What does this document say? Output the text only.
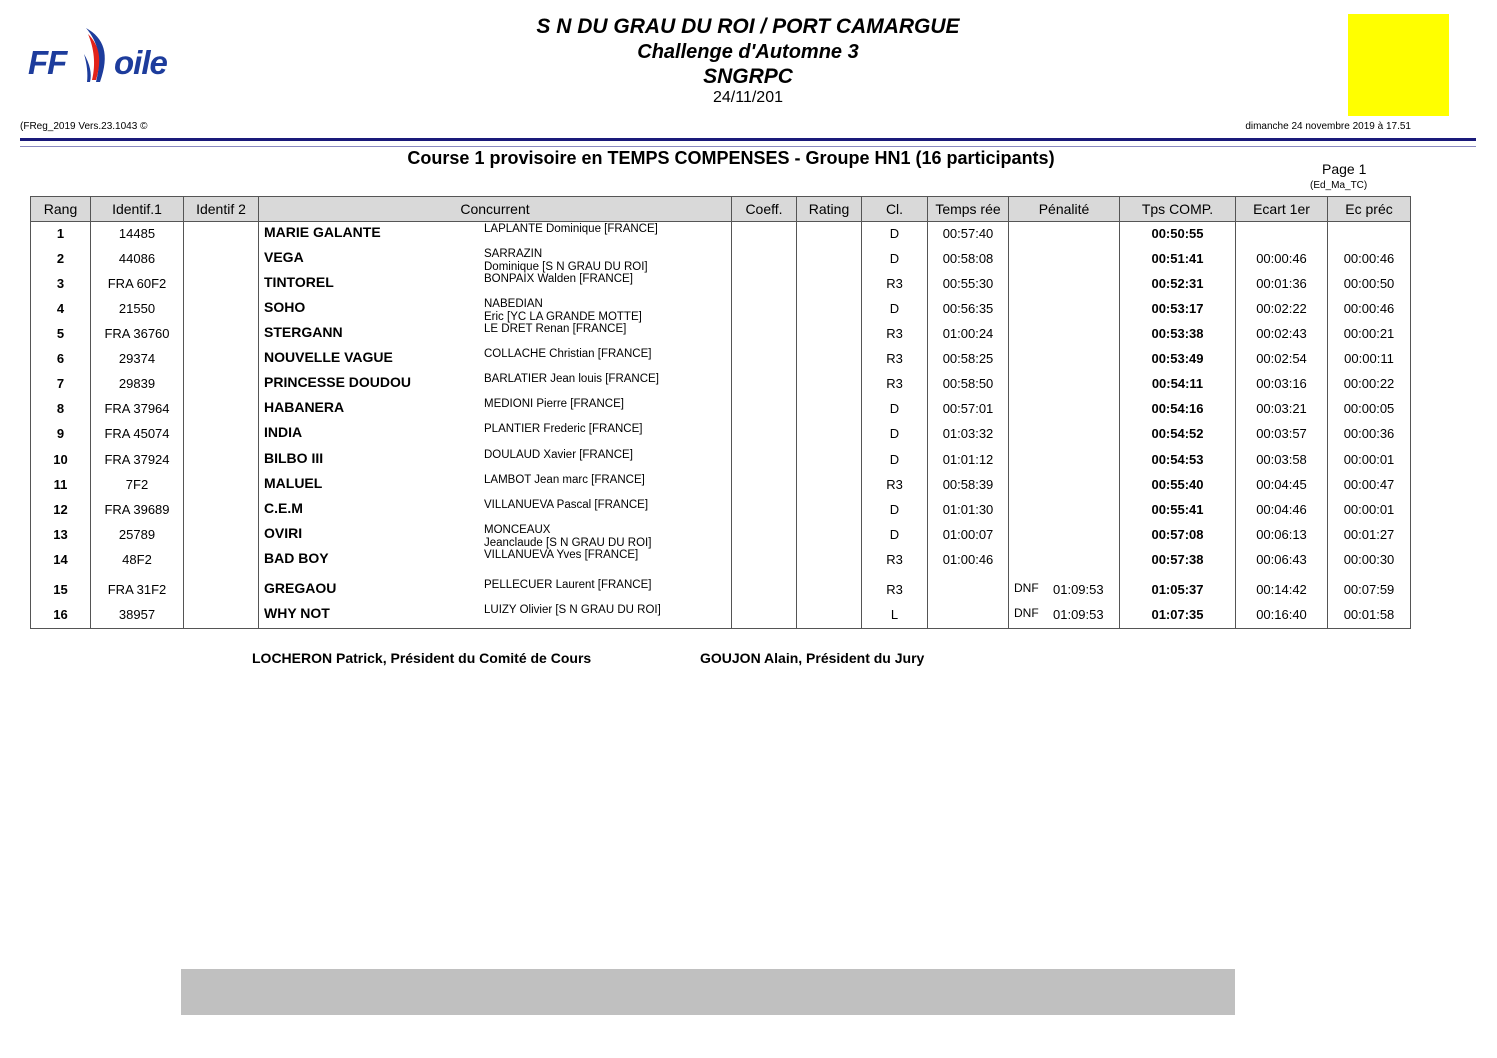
FF oile
S N DU GRAU DU ROI / PORT CAMARGUE
Challenge d'Automne 3
SNGRPC
24/11/201
(FReg_2019 Vers.23.1043 ©	dimanche 24 novembre 2019 à 17.51
Course 1 provisoire en TEMPS COMPENSES - Groupe HN1 (16 participants)
Page 1
(Ed_Ma_TC)
Rang	Identif.1	Identif 2	Concurrent	Coeff.	Rating	Cl.	Temps rée	Pénalité	Tps COMP.	Ecart 1er	Ec préc

1	14485		MARIE GALANTE LAPLANTE Dominique [FRANCE]			D	00:57:40		00:50:55		

2	44086		VEGA SARRAZIN
Dominique [S N GRAU DU ROI]			D	00:58:08		00:51:41	00:00:46	00:00:46

3	FRA 60F2		TINTOREL BONPAIX Walden [FRANCE]			R3	00:55:30		00:52:31	00:01:36	00:00:50

4	21550		SOHO NABEDIAN
Eric [YC LA GRANDE MOTTE]			D	00:56:35		00:53:17	00:02:22	00:00:46

5	FRA 36760		STERGANN LE DRET Renan [FRANCE]			R3	01:00:24		00:53:38	00:02:43	00:00:21

6	29374		NOUVELLE VAGUE COLLACHE Christian [FRANCE]			R3	00:58:25		00:53:49	00:02:54	00:00:11

7	29839		PRINCESSE DOUDOU BARLATIER Jean louis [FRANCE]			R3	00:58:50		00:54:11	00:03:16	00:00:22

8	FRA 37964		HABANERA MEDIONI Pierre [FRANCE]			D	00:57:01		00:54:16	00:03:21	00:00:05

9	FRA 45074		INDIA PLANTIER Frederic [FRANCE]			D	01:03:32		00:54:52	00:03:57	00:00:36

10	FRA 37924		BILBO III DOULAUD Xavier [FRANCE]			D	01:01:12		00:54:53	00:03:58	00:00:01

11	7F2		MALUEL LAMBOT Jean marc [FRANCE]			R3	00:58:39		00:55:40	00:04:45	00:00:47

12	FRA 39689		C.E.M VILLANUEVA Pascal [FRANCE]			D	01:01:30		00:55:41	00:04:46	00:00:01

13	25789		OVIRI MONCEAUX
Jeanclaude [S N GRAU DU ROI]			D	01:00:07		00:57:08	00:06:13	00:01:27

14	48F2		BAD BOY VILLANUEVA Yves [FRANCE]			R3	01:00:46		00:57:38	00:06:43	00:00:30

15	FRA 31F2		GREGAOU PELLECUER Laurent [FRANCE]			R3		DNF 01:09:53	01:05:37	00:14:42	00:07:59

16	38957		WHY NOT LUIZY Olivier [S N GRAU DU ROI]			L		DNF 01:09:53	01:07:35	00:16:40	00:01:58
LOCHERON Patrick, Président du Comité de Cours	GOUJON Alain, Président du Jury
